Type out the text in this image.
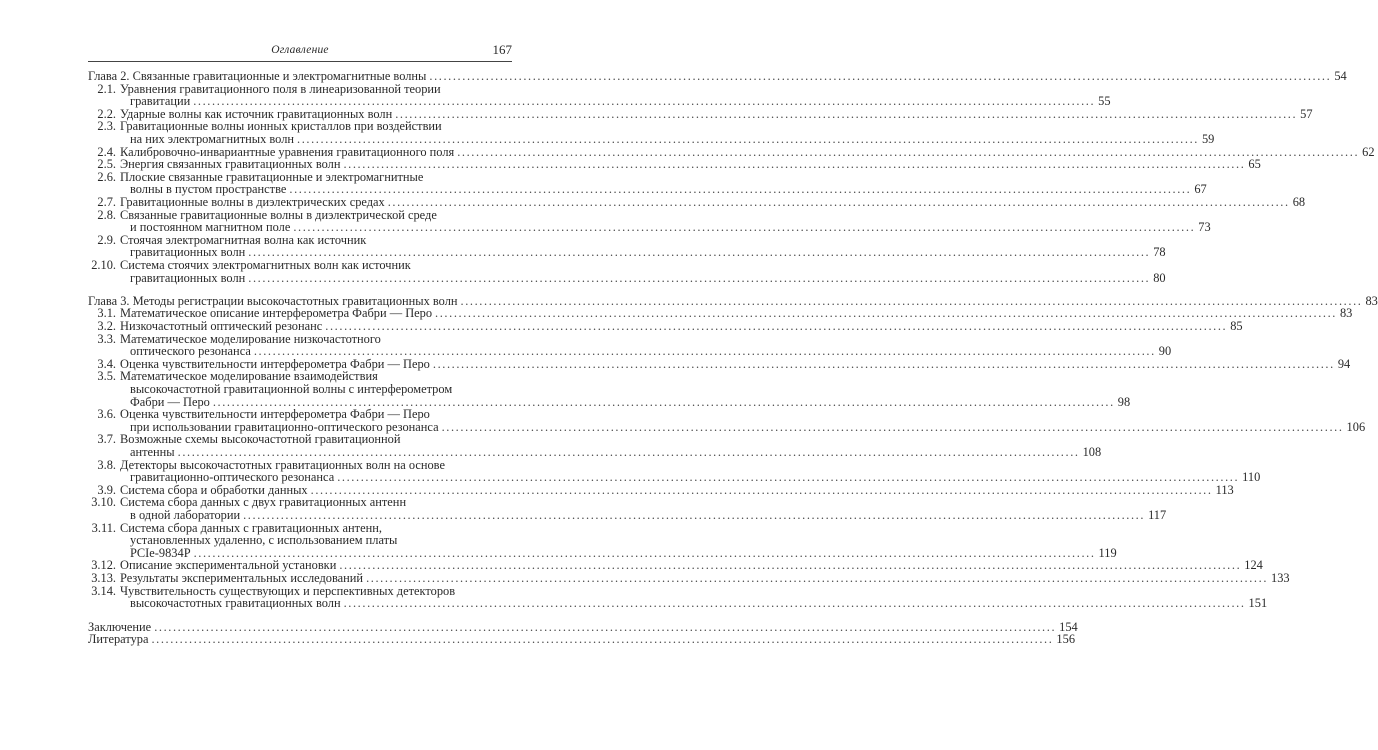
Оглавление	167
Глава 2. Связанные гравитационные и электромагнитные волны ................................................................................................................................................................................................ 54
2.1. Уравнения гравитационного поля в линеаризованной теории
гравитации ................................................................................................................................................................................................ 55
2.2. Ударные волны как источник гравитационных волн ................................................................................................................................................................................................ 57
2.3. Гравитационные волны ионных кристаллов при воздействии
на них электромагнитных волн ................................................................................................................................................................................................ 59
2.4. Калибровочно-инвариантные уравнения гравитационного поля ................................................................................................................................................................................................ 62
2.5. Энергия связанных гравитационных волн ................................................................................................................................................................................................ 65
2.6. Плоские связанные гравитационные и электромагнитные
волны в пустом пространстве ................................................................................................................................................................................................ 67
2.7. Гравитационные волны в диэлектрических средах ................................................................................................................................................................................................ 68
2.8. Связанные гравитационные волны в диэлектрической среде
и постоянном магнитном поле ................................................................................................................................................................................................ 73
2.9. Стоячая электромагнитная волна как источник
гравитационных волн ................................................................................................................................................................................................ 78
2.10. Система стоячих электромагнитных волн как источник
гравитационных волн ................................................................................................................................................................................................ 80
Глава 3. Методы регистрации высокочастотных гравитационных волн ................................................................................................................................................................................................ 83
3.1. Математическое описание интерферометра Фабри — Перо ................................................................................................................................................................................................ 83
3.2. Низкочастотный оптический резонанс ................................................................................................................................................................................................ 85
3.3. Математическое моделирование низкочастотного
оптического резонанса ................................................................................................................................................................................................ 90
3.4. Оценка чувствительности интерферометра Фабри — Перо ................................................................................................................................................................................................ 94
3.5. Математическое моделирование взаимодействия
высокочастотной гравитационной волны с интерферометром
Фабри — Перо ................................................................................................................................................................................................ 98
3.6. Оценка чувствительности интерферометра Фабри — Перо
при использовании гравитационно-оптического резонанса ................................................................................................................................................................................................ 106
3.7. Возможные схемы высокочастотной гравитационной
антенны ................................................................................................................................................................................................ 108
3.8. Детекторы высокочастотных гравитационных волн на основе
гравитационно-оптического резонанса ................................................................................................................................................................................................ 110
3.9. Система сбора и обработки данных ................................................................................................................................................................................................ 113
3.10. Система сбора данных с двух гравитационных антенн
в одной лаборатории ................................................................................................................................................................................................ 117
3.11. Система сбора данных с гравитационных антенн,
установленных удаленно, с использованием платы
PCIe-9834P ................................................................................................................................................................................................ 119
3.12. Описание экспериментальной установки ................................................................................................................................................................................................ 124
3.13. Результаты экспериментальных исследований ................................................................................................................................................................................................ 133
3.14. Чувствительность существующих и перспективных детекторов
высокочастотных гравитационных волн ................................................................................................................................................................................................ 151
Заключение ................................................................................................................................................................................................ 154
Литература ................................................................................................................................................................................................ 156
